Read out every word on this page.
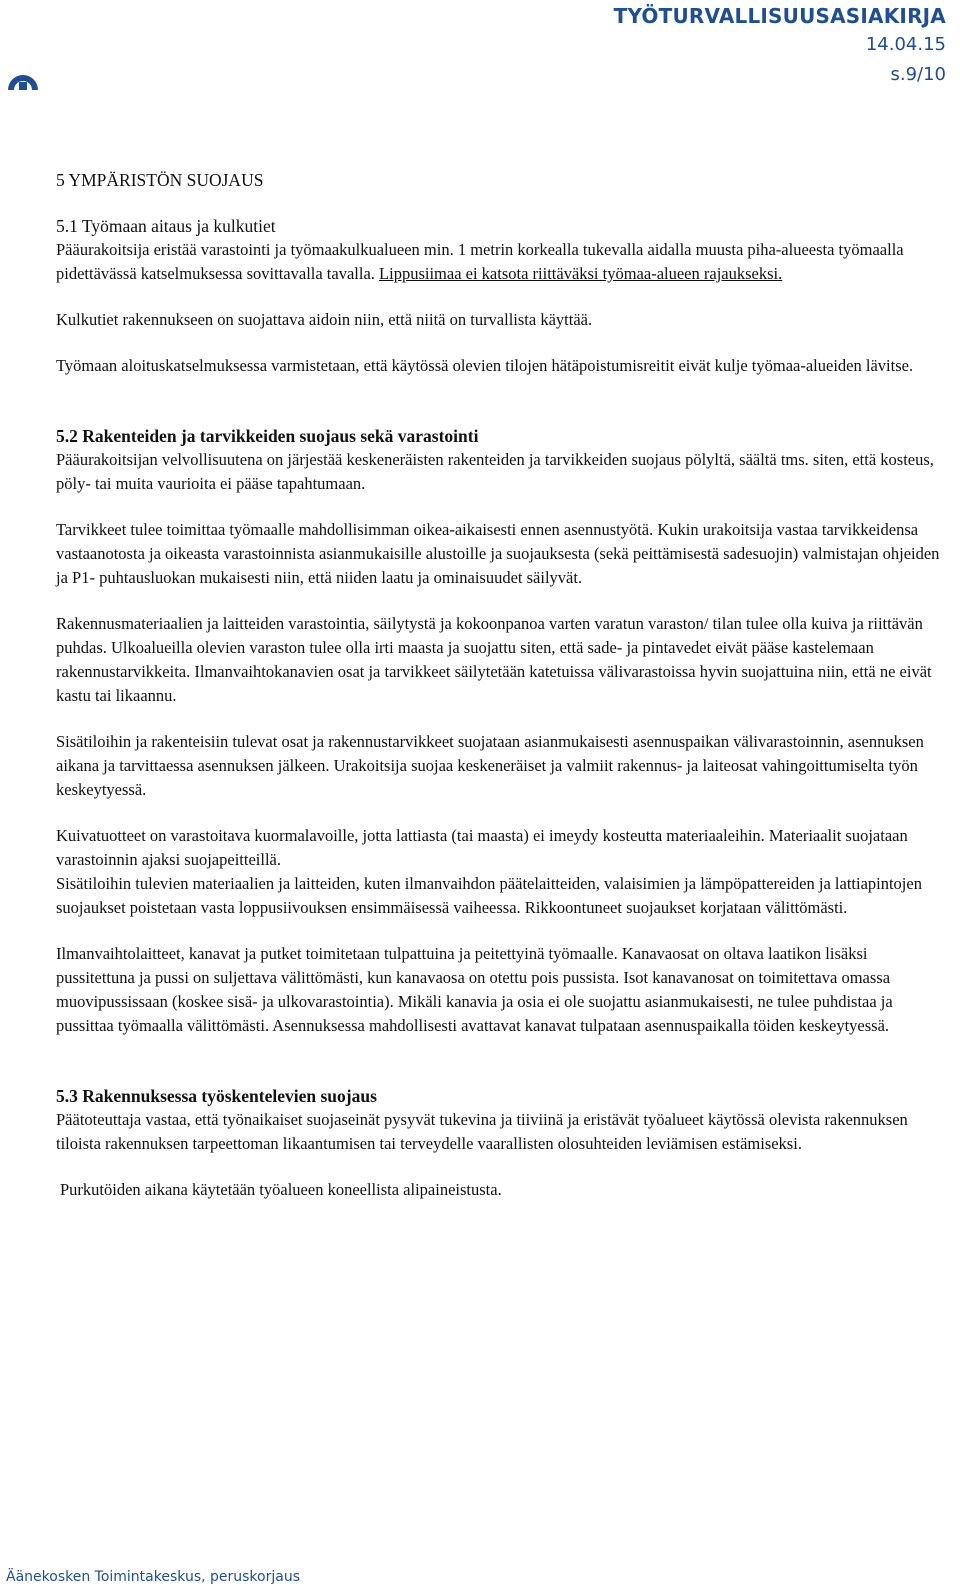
TYÖTURVALLISUUSASIAKIRJA
14.04.15
s.9/10
5 YMPÄRISTÖN SUOJAUS
5.1 Työmaan aitaus ja kulkutiet

Pääurakoitsija eristää varastointi ja työmaakulkualueen min. 1 metrin korkealla tukevalla aidalla muusta piha-alueesta työmaalla pidettävässä katselmuksessa sovittavalla tavalla. Lippusiimaa ei katsota riittäväksi työmaa-alueen rajaukseksi.

Kulkutiet rakennukseen on suojattava aidoin niin, että niitä on turvallista käyttää.

Työmaan aloituskatselmuksessa varmistetaan, että käytössä olevien tilojen hätäpoistumisreitit eivät kulje työmaa-alueiden lävitse.

5.2 Rakenteiden ja tarvikkeiden suojaus sekä varastointi

Pääurakoitsijan velvollisuutena on järjestää keskeneräisten rakenteiden ja tarvikkeiden suojaus pölyltä, säältä tms. siten, että kosteus, pöly- tai muita vaurioita ei pääse tapahtumaan.

Tarvikkeet tulee toimittaa työmaalle mahdollisimman oikea-aikaisesti ennen asennustyötä. Kukin urakoitsija vastaa tarvikkeidensa vastaanotosta ja oikeasta varastoinnista asianmukaisille alustoille ja suojauksesta (sekä peittämisestä sadesuojin) valmistajan ohjeiden ja P1- puhtausluokan mukaisesti niin, että niiden laatu ja ominaisuudet säilyvät.

Rakennusmateriaalien ja laitteiden varastointia, säilytystä ja kokoonpanoa varten varatun varaston/ tilan tulee olla kuiva ja riittävän puhdas. Ulkoalueilla olevien varaston tulee olla irti maasta ja suojattu siten, että sade- ja pintavedet eivät pääse kastelemaan rakennustarvikkeita. Ilmanvaihtokanavien osat ja tarvikkeet säilytetään katetuissa välivarastoissa hyvin suojattuina niin, että ne eivät kastu tai likaannu.

Sisätiloihin ja rakenteisiin tulevat osat ja rakennustarvikkeet suojataan asianmukaisesti asennuspaikan välivarastoinnin, asennuksen aikana ja tarvittaessa asennuksen jälkeen. Urakoitsija suojaa keskeneräiset ja valmiit rakennus- ja laiteosat vahingoittumiselta työn keskeytyessä.

Kuivatuotteet on varastoitava kuormalavoille, jotta lattiasta (tai maasta) ei imeydy kosteutta materiaaleihin. Materiaalit suojataan varastoinnin ajaksi suojapeitteillä.

Sisätiloihin tulevien materiaalien ja laitteiden, kuten ilmanvaihdon päätelaitteiden, valaisimien ja lämpöpattereiden ja lattiapintojen suojaukset poistetaan vasta loppusiivouksen ensimmäisessä vaiheessa. Rikkoontuneet suojaukset korjataan välittömästi.

Ilmanvaihtolaitteet, kanavat ja putket toimitetaan tulpattuina ja peitettyinä työmaalle. Kanavaosat on oltava laatikon lisäksi pussitettuna ja pussi on suljettava välittömästi, kun kanavaosa on otettu pois pussista. Isot kanavanosat on toimitettava omassa muovipussissaan (koskee sisä- ja ulkovarastointia). Mikäli kanavia ja osia ei ole suojattu asianmukaisesti, ne tulee puhdistaa ja pussittaa työmaalla välittömästi. Asennuksessa mahdollisesti avattavat kanavat tulpataan asennuspaikalla töiden keskeytyessä.

5.3 Rakennuksessa työskentelevien suojaus

Päätoteuttaja vastaa, että työnaikaiset suojaseinät pysyvät tukevina ja tiiviinä ja eristävät työalueet käytössä olevista rakennuksen tiloista rakennuksen tarpeettoman likaantumisen tai terveydelle vaarallisten olosuhteiden leviämisen estämiseksi.

Purkutöiden aikana käytetään työalueen koneellista alipaineistusta.

Äänekosken Toimintakeskus, peruskorjaus
